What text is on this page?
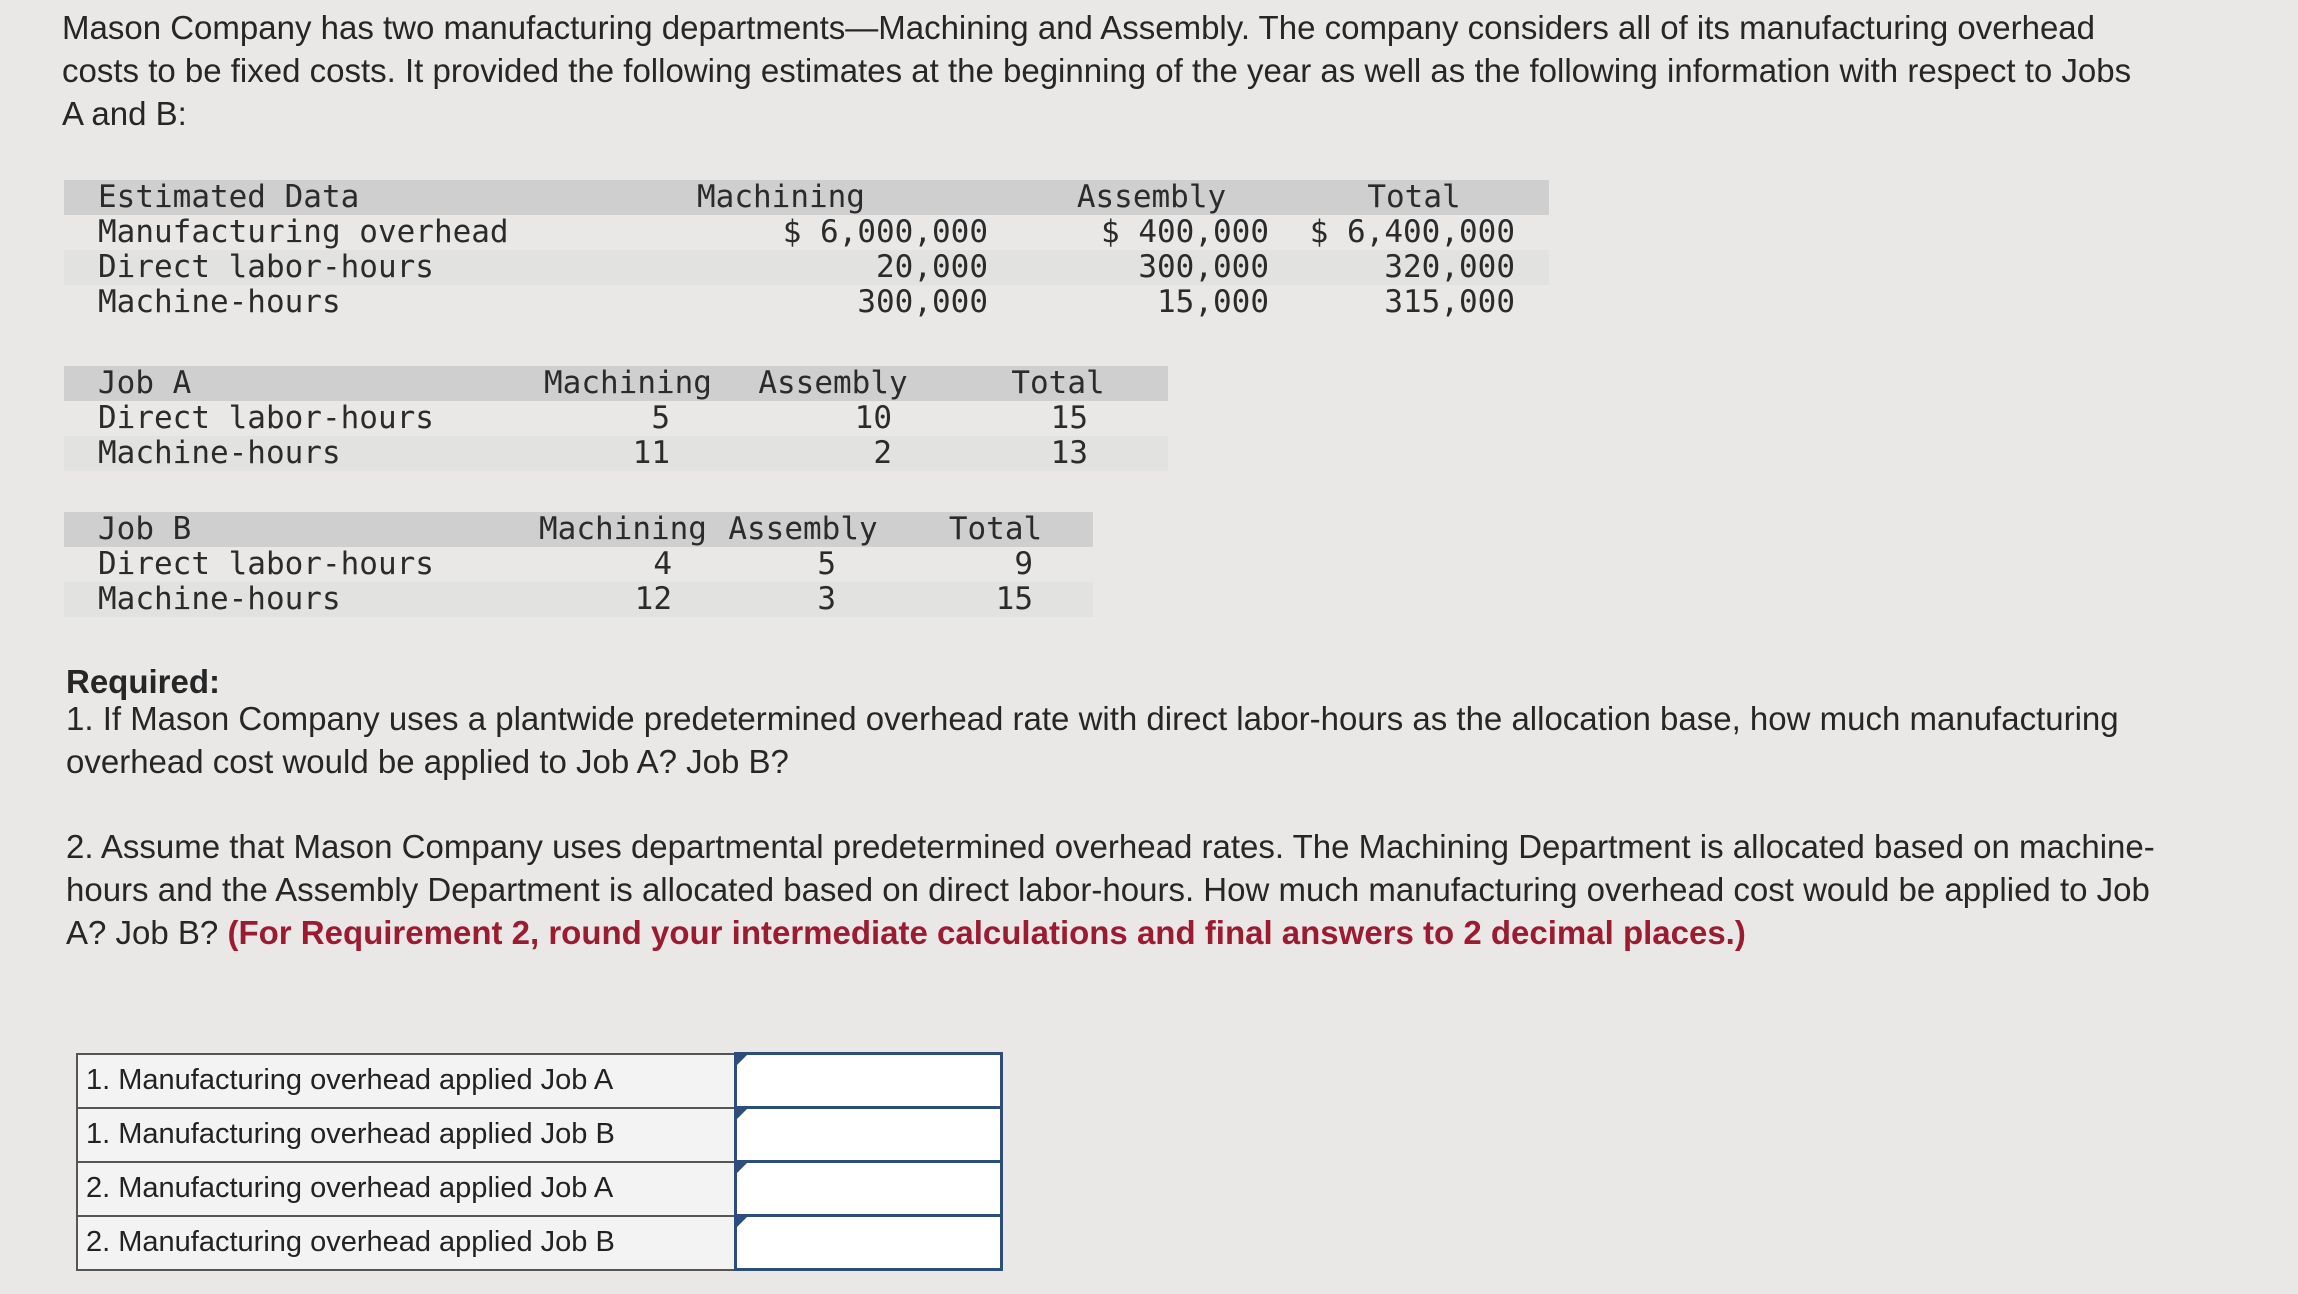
Mason Company has two manufacturing departments—Machining and Assembly. The company considers all of its manufacturing overhead costs to be fixed costs. It provided the following estimates at the beginning of the year as well as the following information with respect to Jobs A and B:

Estimated Data	Machining	Assembly	Total
Manufacturing overhead	$ 6,000,000	$ 400,000	$ 6,400,000
Direct labor-hours	20,000	300,000	320,000
Machine-hours	300,000	15,000	315,000
Job A	Machining	Assembly	Total
Direct labor-hours	5	10	15
Machine-hours	11	2	13
Job B	Machining	Assembly	Total
Direct labor-hours	4	5	9
Machine-hours	12	3	15

Required:

1. If Mason Company uses a plantwide predetermined overhead rate with direct labor-hours as the allocation base, how much manufacturing overhead cost would be applied to Job A? Job B?

2. Assume that Mason Company uses departmental predetermined overhead rates. The Machining Department is allocated based on machine-hours and the Assembly Department is allocated based on direct labor-hours. How much manufacturing overhead cost would be applied to Job A? Job B? (For Requirement 2, round your intermediate calculations and final answers to 2 decimal places.)

1. Manufacturing overhead applied Job A	

1. Manufacturing overhead applied Job B	

2. Manufacturing overhead applied Job A	

2. Manufacturing overhead applied Job B	
